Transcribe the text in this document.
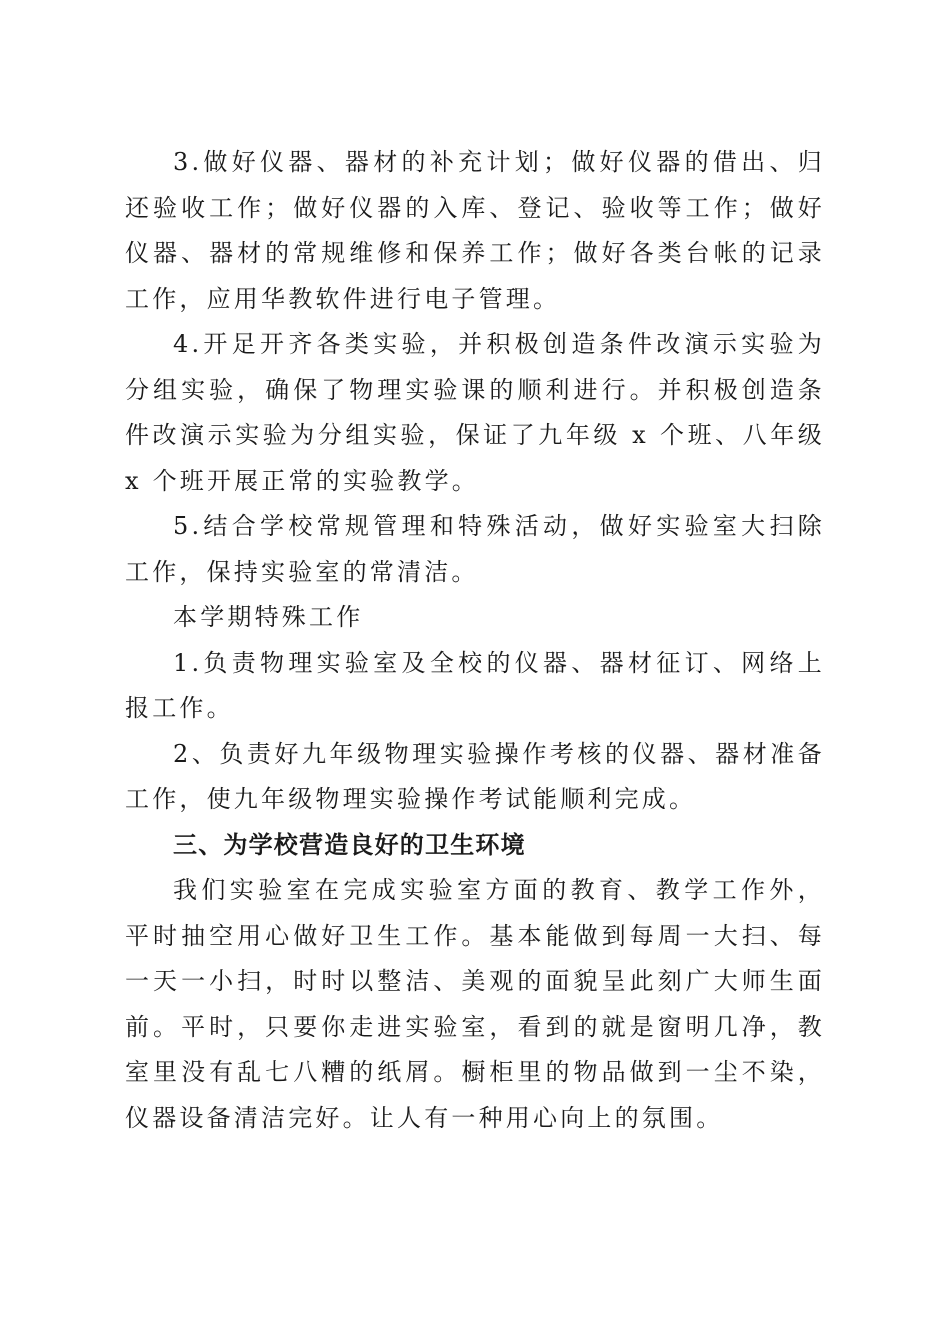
3.做好仪器、器材的补充计划；做好仪器的借出、归还验收工作；做好仪器的入库、登记、验收等工作；做好仪器、器材的常规维修和保养工作；做好各类台帐的记录工作，应用华教软件进行电子管理。

4.开足开齐各类实验，并积极创造条件改演示实验为分组实验，确保了物理实验课的顺利进行。并积极创造条件改演示实验为分组实验，保证了九年级 x 个班、八年级 x 个班开展正常的实验教学。

5.结合学校常规管理和特殊活动，做好实验室大扫除工作，保持实验室的常清洁。

本学期特殊工作

1.负责物理实验室及全校的仪器、器材征订、网络上报工作。

2、负责好九年级物理实验操作考核的仪器、器材准备工作，使九年级物理实验操作考试能顺利完成。

三、为学校营造良好的卫生环境

我们实验室在完成实验室方面的教育、教学工作外，平时抽空用心做好卫生工作。基本能做到每周一大扫、每一天一小扫，时时以整洁、美观的面貌呈此刻广大师生面前。平时，只要你走进实验室，看到的就是窗明几净，教室里没有乱七八糟的纸屑。橱柜里的物品做到一尘不染，仪器设备清洁完好。让人有一种用心向上的氛围。
